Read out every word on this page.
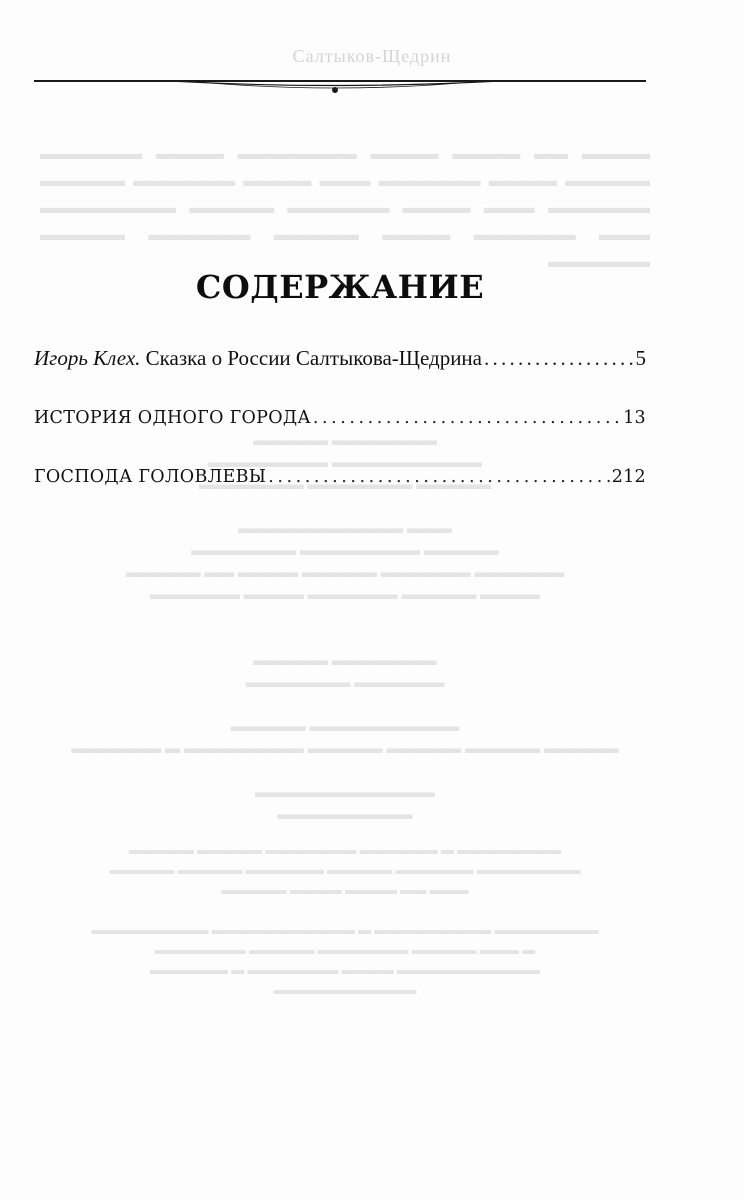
Салтыков-Щедрин
▬▬▬▬ ▬▬ ▬▬▬▬ ▬▬▬▬ ▬▬▬▬▬▬▬ ▬▬▬▬ ▬▬▬▬▬▬ ▬▬▬▬▬ ▬▬▬▬ ▬▬▬▬▬▬ ▬▬▬ ▬▬▬▬ ▬▬▬▬▬▬ ▬▬▬▬▬ ▬▬▬▬▬▬ ▬▬▬ ▬▬▬▬ ▬▬▬▬▬▬ ▬▬▬▬▬ ▬▬▬▬▬▬▬▬ ▬▬▬ ▬▬▬▬▬▬ ▬▬▬▬ ▬▬▬▬▬ ▬▬▬▬▬▬ ▬▬▬▬▬ ▬▬▬▬▬▬
СОДЕРЖАНИЕ
Игорь Клех. Сказка о России Салтыкова-Щедрина . . .	5
ИСТОРИЯ ОДНОГО ГОРОДА . . .	13
ГОСПОДА ГОЛОВЛЕВЫ . . .	212
▬▬▬▬▬▬▬ ▬▬▬▬▬
▬▬▬▬▬▬▬▬▬▬ ▬▬▬▬▬▬▬▬
▬▬▬▬▬ ▬▬▬▬▬▬▬ ▬▬▬▬▬▬▬

▬▬▬ ▬▬▬▬▬▬▬▬▬▬▬
▬▬▬▬▬ ▬▬▬▬▬▬▬▬ ▬▬▬▬▬▬▬
▬▬▬▬▬▬ ▬▬▬▬▬▬ ▬▬▬▬▬ ▬▬▬▬ ▬▬ ▬▬▬▬▬
▬▬▬▬ ▬▬▬▬▬ ▬▬▬▬▬▬ ▬▬▬▬ ▬▬▬▬▬▬

▬▬▬▬▬▬▬ ▬▬▬▬▬
▬▬▬▬▬▬ ▬▬▬▬▬▬▬

▬▬▬▬▬▬▬▬▬▬ ▬▬▬▬▬
▬▬▬▬▬ ▬▬▬▬▬ ▬▬▬▬▬ ▬▬▬▬▬ ▬▬▬▬▬▬▬▬ ▬ ▬▬▬▬▬▬

▬▬▬▬▬▬▬▬▬▬▬▬
▬▬▬▬▬▬▬▬▬
▬▬▬▬▬▬▬▬ ▬ ▬▬▬▬▬▬ ▬▬▬▬▬▬▬ ▬▬▬▬▬ ▬▬▬▬▬
▬▬▬▬▬▬▬▬ ▬▬▬▬▬▬ ▬▬▬▬▬ ▬▬▬▬▬▬ ▬▬▬▬▬ ▬▬▬▬▬
▬▬▬ ▬▬ ▬▬▬▬ ▬▬▬▬ ▬▬▬▬▬

▬▬▬▬▬▬▬▬ ▬▬▬▬▬▬▬▬▬ ▬ ▬▬▬▬▬▬▬▬▬▬▬ ▬▬▬▬▬▬▬▬▬
▬ ▬▬▬ ▬▬▬▬▬ ▬▬▬▬▬▬▬ ▬▬▬▬▬ ▬▬▬▬▬▬▬
▬▬▬▬▬▬▬▬▬▬▬ ▬▬▬▬ ▬▬▬▬▬▬▬ ▬ ▬▬▬▬▬▬
▬▬▬▬▬▬▬▬▬▬▬
